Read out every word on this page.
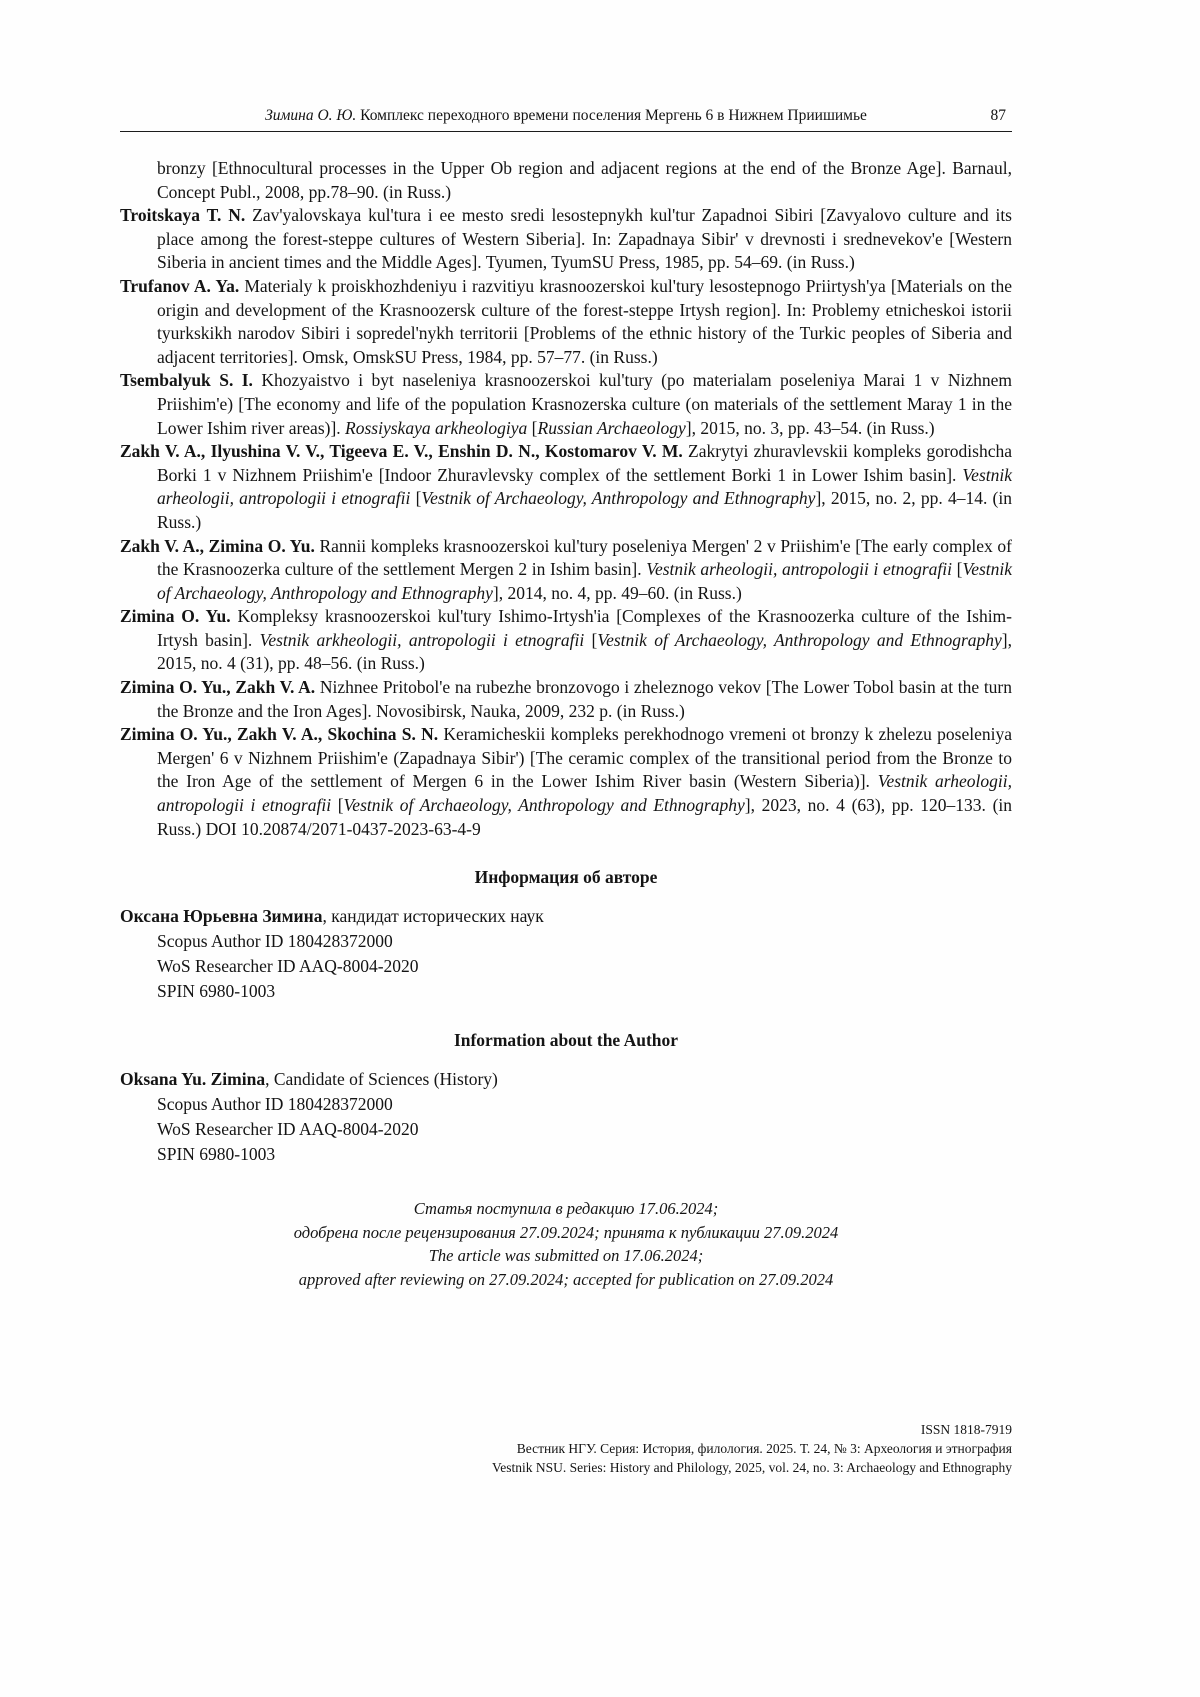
Зимина О. Ю. Комплекс переходного времени поселения Мергень 6 в Нижнем Приишимье	87

bronzy [Ethnocultural processes in the Upper Ob region and adjacent regions at the end of the Bronze Age]. Barnaul, Concept Publ., 2008, pp.78–90. (in Russ.)

Troitskaya T. N. Zav'yalovskaya kul'tura i ee mesto sredi lesostepnykh kul'tur Zapadnoi Sibiri [Zavyalovo culture and its place among the forest-steppe cultures of Western Siberia]. In: Zapadnaya Sibir' v drevnosti i srednevekov'e [Western Siberia in ancient times and the Middle Ages]. Tyumen, TyumSU Press, 1985, pp. 54–69. (in Russ.)

Trufanov A. Ya. Materialy k proiskhozhdeniyu i razvitiyu krasnoozerskoi kul'tury lesostepnogo Priirtysh'ya [Materials on the origin and development of the Krasnoozersk culture of the forest-steppe Irtysh region]. In: Problemy etnicheskoi istorii tyurkskikh narodov Sibiri i sopredel'nykh territorii [Problems of the ethnic history of the Turkic peoples of Siberia and adjacent territories]. Omsk, OmskSU Press, 1984, pp. 57–77. (in Russ.)

Tsembalyuk S. I. Khozyaistvo i byt naseleniya krasnoozerskoi kul'tury (po materialam poseleniya Marai 1 v Nizhnem Priishim'e) [The economy and life of the population Krasnozerska culture (on materials of the settlement Maray 1 in the Lower Ishim river areas)]. Rossiyskaya arkheologiya [Russian Archaeology], 2015, no. 3, pp. 43–54. (in Russ.)

Zakh V. A., Ilyushina V. V., Tigeeva E. V., Enshin D. N., Kostomarov V. M. Zakrytyi zhuravlevskii kompleks gorodishcha Borki 1 v Nizhnem Priishim'e [Indoor Zhuravlevsky complex of the settlement Borki 1 in Lower Ishim basin]. Vestnik arheologii, antropologii i etnografii [Vestnik of Archaeology, Anthropology and Ethnography], 2015, no. 2, pp. 4–14. (in Russ.)

Zakh V. A., Zimina O. Yu. Rannii kompleks krasnoozerskoi kul'tury poseleniya Mergen' 2 v Priishim'e [The early complex of the Krasnoozerka culture of the settlement Mergen 2 in Ishim basin]. Vestnik arheologii, antropologii i etnografii [Vestnik of Archaeology, Anthropology and Ethnography], 2014, no. 4, pp. 49–60. (in Russ.)

Zimina O. Yu. Kompleksy krasnoozerskoi kul'tury Ishimo-Irtysh'ia [Complexes of the Krasnoozerka culture of the Ishim-Irtysh basin]. Vestnik arkheologii, antropologii i etnografii [Vestnik of Archaeology, Anthropology and Ethnography], 2015, no. 4 (31), pp. 48–56. (in Russ.)

Zimina O. Yu., Zakh V. A. Nizhnee Pritobol'e na rubezhe bronzovogo i zheleznogo vekov [The Lower Tobol basin at the turn the Bronze and the Iron Ages]. Novosibirsk, Nauka, 2009, 232 p. (in Russ.)

Zimina O. Yu., Zakh V. A., Skochina S. N. Keramicheskii kompleks perekhodnogo vremeni ot bronzy k zhelezu poseleniya Mergen' 6 v Nizhnem Priishim'e (Zapadnaya Sibir') [The ceramic complex of the transitional period from the Bronze to the Iron Age of the settlement of Mergen 6 in the Lower Ishim River basin (Western Siberia)]. Vestnik arheologii, antropologii i etnografii [Vestnik of Archaeology, Anthropology and Ethnography], 2023, no. 4 (63), pp. 120–133. (in Russ.) DOI 10.20874/2071-0437-2023-63-4-9

Информация об авторе

Оксана Юрьевна Зимина, кандидат исторических наук

Scopus Author ID 180428372000

WoS Researcher ID AAQ-8004-2020

SPIN 6980-1003

Information about the Author

Oksana Yu. Zimina, Candidate of Sciences (History)

Scopus Author ID 180428372000

WoS Researcher ID AAQ-8004-2020

SPIN 6980-1003

Статья поступила в редакцию 17.06.2024;

одобрена после рецензирования 27.09.2024; принята к публикации 27.09.2024

The article was submitted on 17.06.2024;

approved after reviewing on 27.09.2024; accepted for publication on 27.09.2024

ISSN 1818-7919

Вестник НГУ. Серия: История, филология. 2025. Т. 24, № 3: Археология и этнография

Vestnik NSU. Series: History and Philology, 2025, vol. 24, no. 3: Archaeology and Ethnography
